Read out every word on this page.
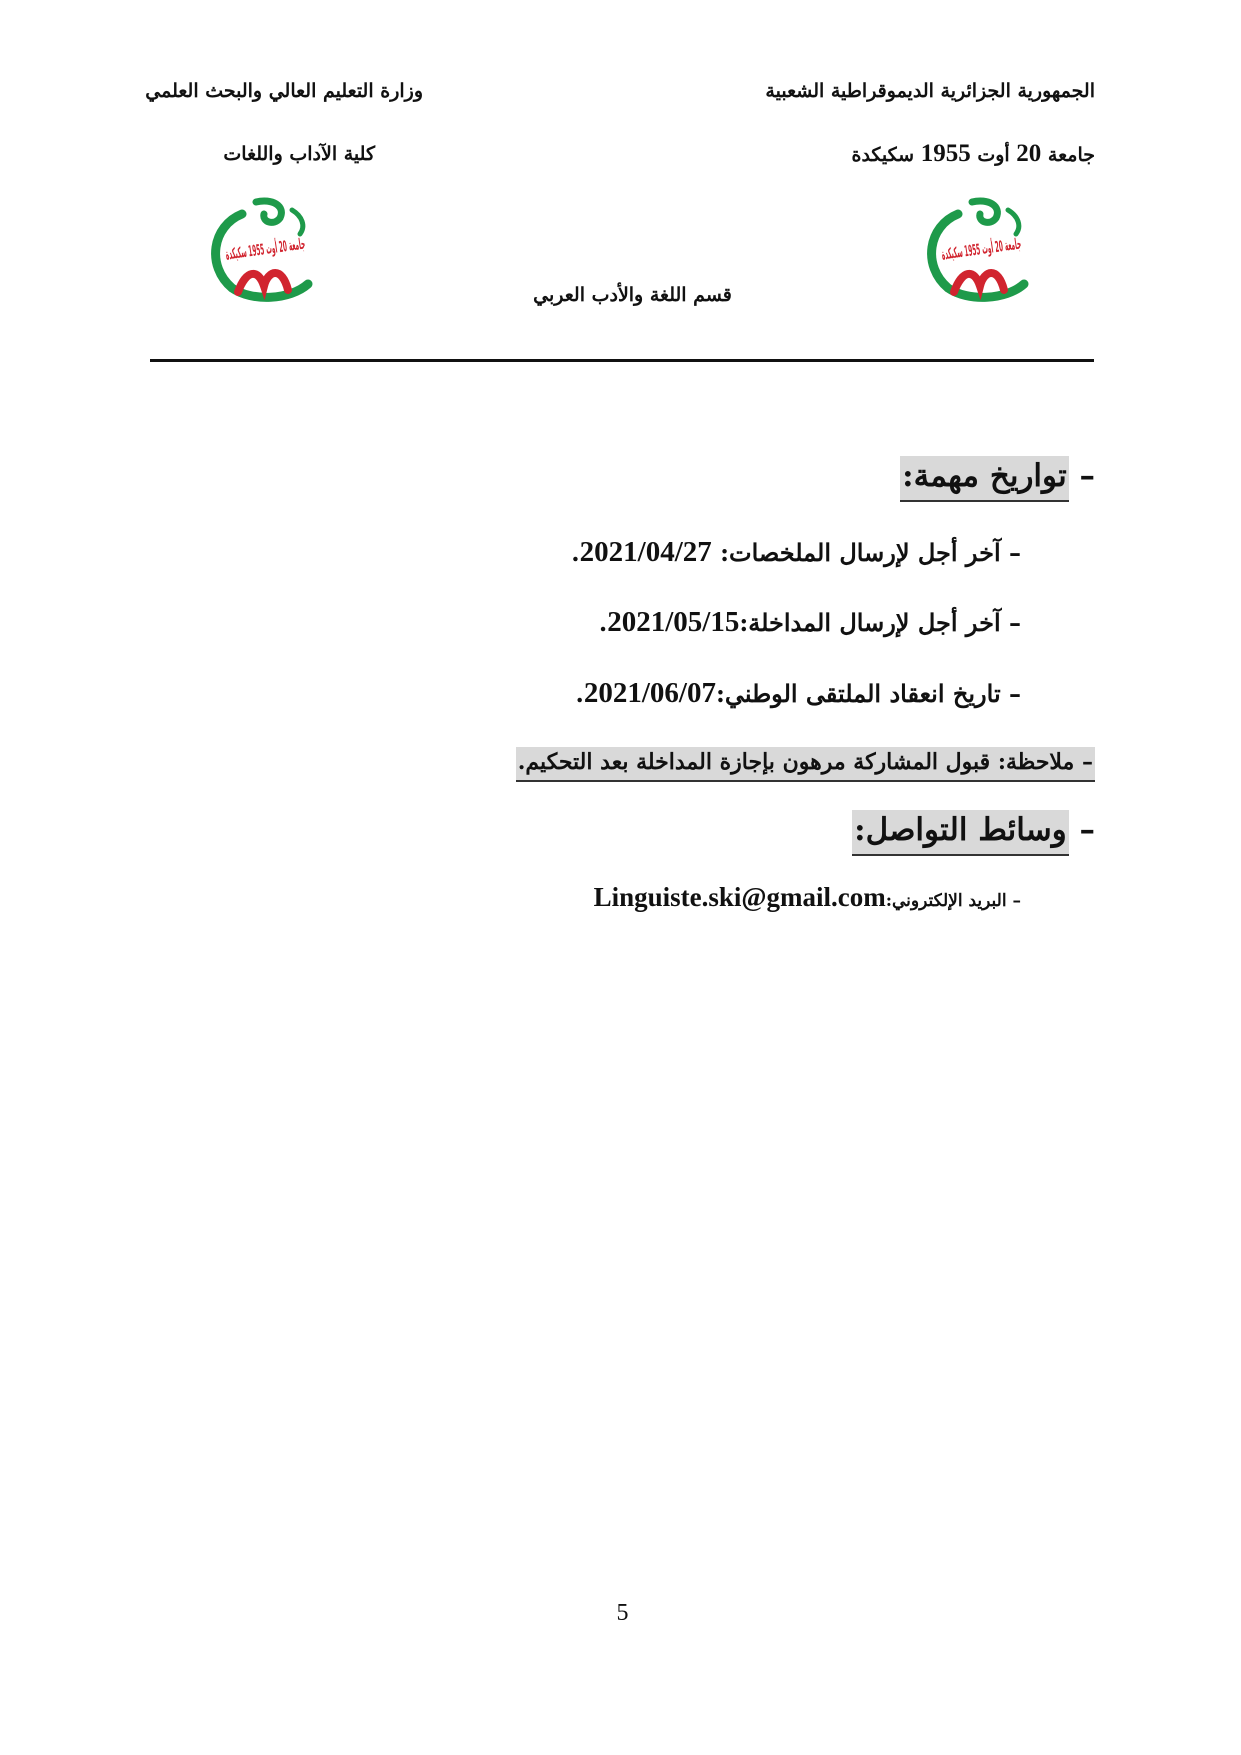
الجمهورية الجزائرية الديموقراطية الشعبية
وزارة التعليم العالي والبحث العلمي
جامعة 20 أوت 1955 سكيكدة
كلية الآداب واللغات
جامعة 20 أوت 1955 سكيكدة
جامعة 20 أوت 1955 سكيكدة
قسم اللغة والأدب العربي
– تواريخ مهمة:
– آخر أجل لإرسال الملخصات: 2021/04/27.
– آخر أجل لإرسال المداخلة:2021/05/15.
– تاريخ انعقاد الملتقى الوطني:2021/06/07.
– ملاحظة: قبول المشاركة مرهون بإجازة المداخلة بعد التحكيم.
– وسائط التواصل:
– البريد الإلكتروني:Linguiste.ski@gmail.com
5
